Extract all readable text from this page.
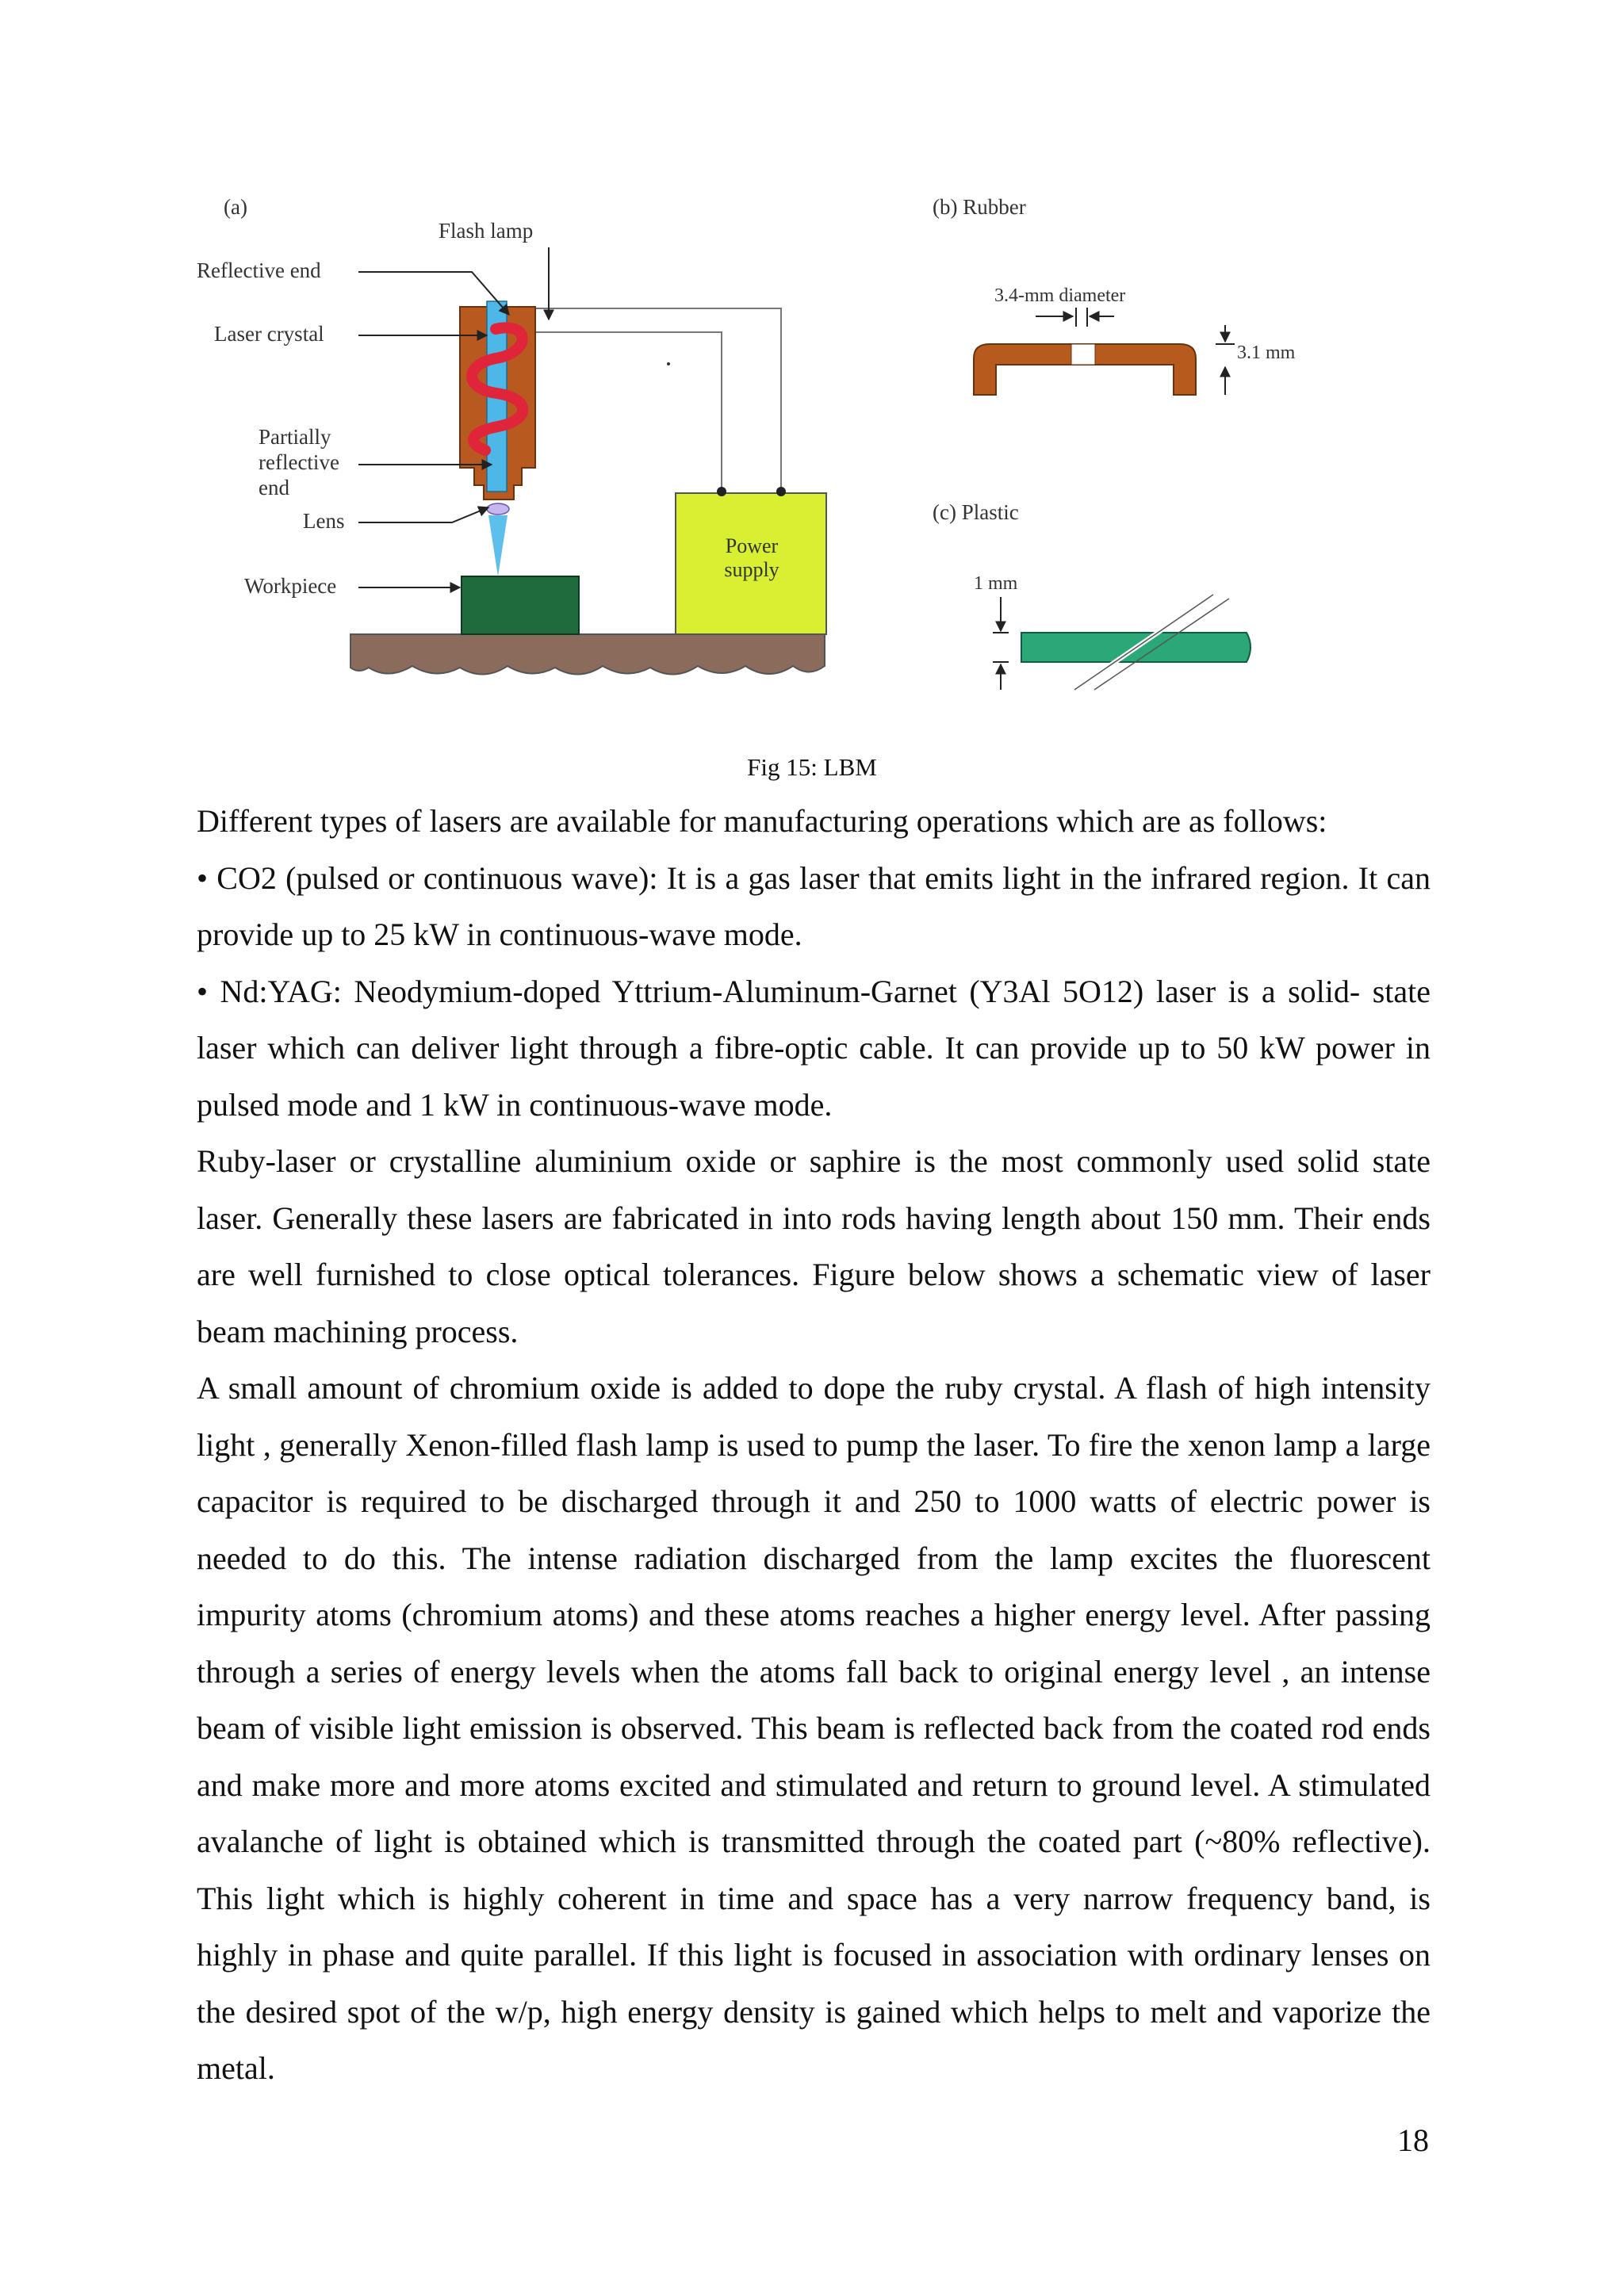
(a)
Power
supply
Flash lamp
Reflective end
Laser crystal
Partially
reflective
end
Lens
Workpiece
(b) Rubber
3.4-mm diameter
3.1 mm
(c) Plastic
1 mm
Fig 15: LBM

Different types of lasers are available for manufacturing operations which are as follows:

• CO2 (pulsed or continuous wave): It is a gas laser that emits light in the infrared region. It can provide up to 25 kW in continuous-wave mode.

• Nd:YAG: Neodymium-doped Yttrium-Aluminum-Garnet (Y3Al 5O12) laser is a solid- state laser which can deliver light through a fibre-optic cable. It can provide up to 50 kW power in pulsed mode and 1 kW in continuous-wave mode.

Ruby-laser or crystalline aluminium oxide or saphire is the most commonly used solid state laser. Generally these lasers are fabricated in into rods having length about 150 mm. Their ends are well furnished to close optical tolerances. Figure below shows a schematic view of laser beam machining process.

A small amount of chromium oxide is added to dope the ruby crystal. A flash of high intensity light , generally Xenon-filled flash lamp is used to pump the laser. To fire the xenon lamp a large capacitor is required to be discharged through it and 250 to 1000 watts of electric power is needed to do this. The intense radiation discharged from the lamp excites the fluorescent impurity atoms (chromium atoms) and these atoms reaches a higher energy level. After passing through a series of energy levels when the atoms fall back to original energy level , an intense beam of visible light emission is observed. This beam is reflected back from the coated rod ends and make more and more atoms excited and stimulated and return to ground level. A stimulated avalanche of light is obtained which is transmitted through the coated part (~80% reflective). This light which is highly coherent in time and space has a very narrow frequency band, is highly in phase and quite parallel. If this light is focused in association with ordinary lenses on the desired spot of the w/p, high energy density is gained which helps to melt and vaporize the metal.

18
